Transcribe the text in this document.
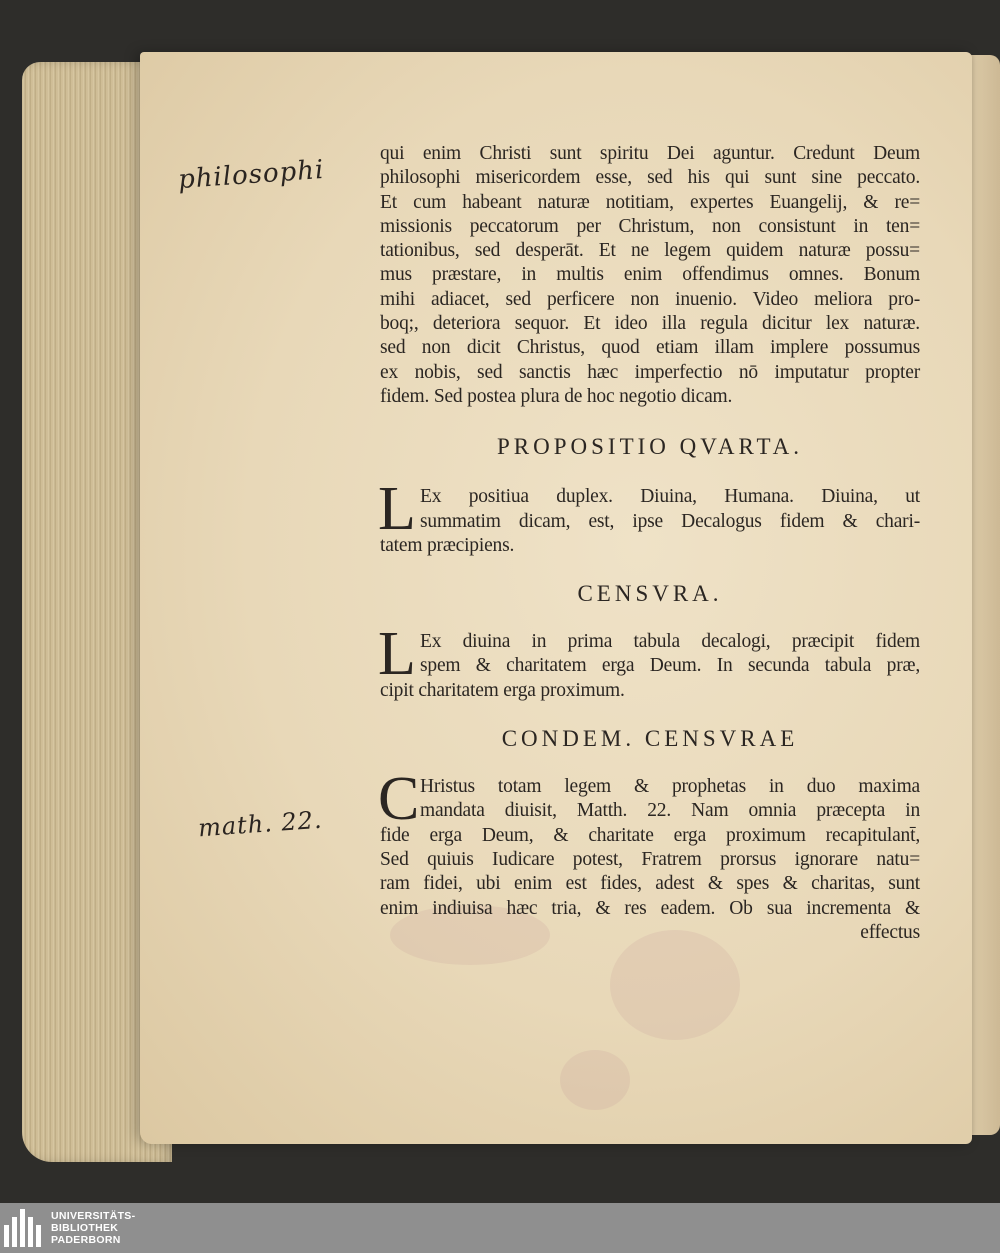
philosophi
math. 22.
qui enim Christi sunt spiritu Dei aguntur. Credunt Deum
philosophi misericordem esse, sed his qui sunt sine peccato.
Et cum habeant naturæ notitiam, expertes Euangelij, & re=
missionis peccatorum per Christum, non consistunt in ten=
tationibus, sed desperāt. Et ne legem quidem naturæ possu=
mus præstare, in multis enim offendimus omnes. Bonum
mihi adiacet, sed perficere non inuenio. Video meliora pro-
boq;, deteriora sequor. Et ideo illa regula dicitur lex naturæ.
sed non dicit Christus, quod etiam illam implere possumus
ex nobis, sed sanctis hæc imperfectio nō imputatur propter
fidem. Sed postea plura de hoc negotio dicam.
PROPOSITIO QVARTA.
L Ex positiua duplex. Diuina, Humana. Diuina, ut
summatim dicam, est, ipse Decalogus fidem & chari-
tatem præcipiens.
CENSVRA.
L Ex diuina in prima tabula decalogi, præcipit fidem
spem & charitatem erga Deum. In secunda tabula præ,
cipit charitatem erga proximum.
CONDEM. CENSVRAE
C Hristus totam legem & prophetas in duo maxima
mandata diuisit, Matth. 22. Nam omnia præcepta in
fide erga Deum, & charitate erga proximum recapitulant̄,
Sed quiuis Iudicare potest, Fratrem prorsus ignorare natu=
ram fidei, ubi enim est fides, adest & spes & charitas, sunt
enim indiuisa hæc tria, & res eadem. Ob sua incrementa &
effectus
UNIVERSITÄTS-
BIBLIOTHEK
PADERBORN
